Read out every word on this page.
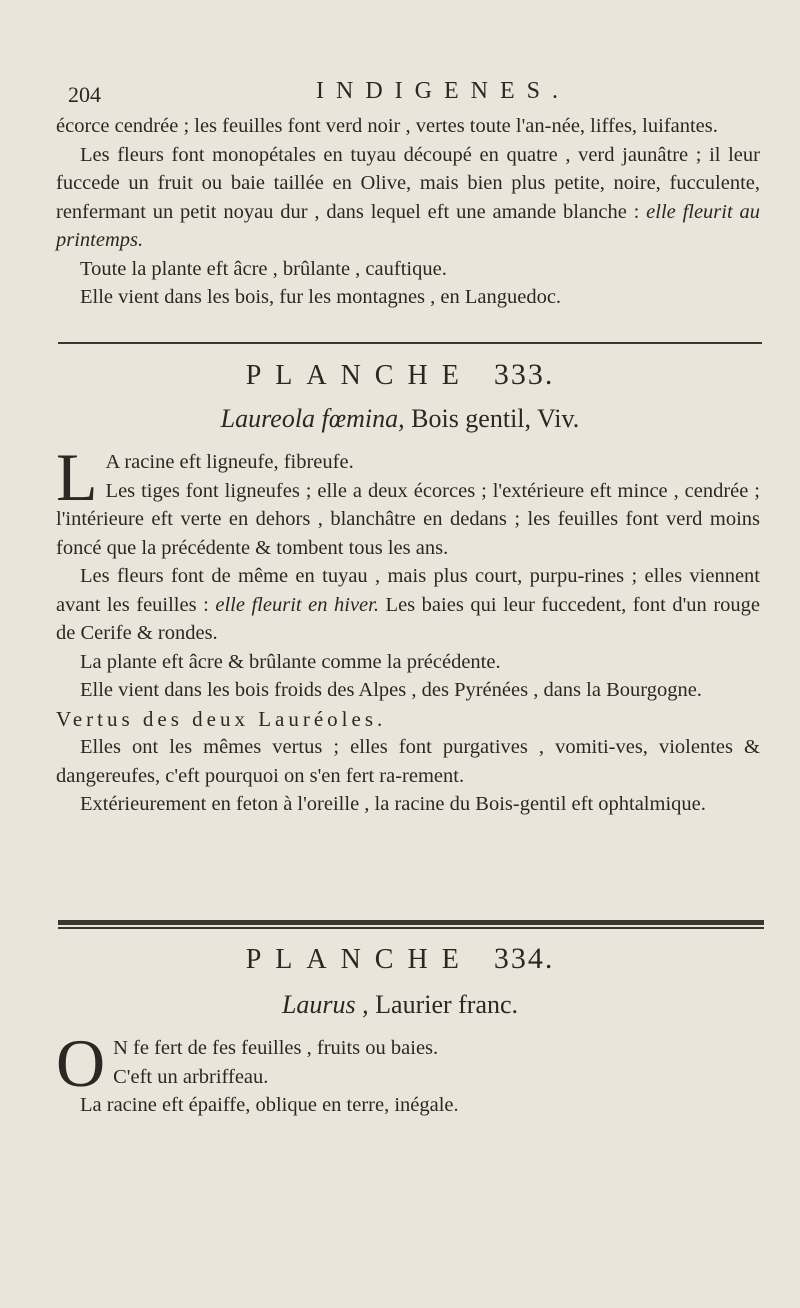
204	INDIGENES.

écorce cendrée ; les feuilles font verd noir , vertes toute l'an-née, liffes, luifantes.

Les fleurs font monopétales en tuyau découpé en quatre , verd jaunâtre ; il leur fuccede un fruit ou baie taillée en Olive, mais bien plus petite, noire, fucculente, renfermant un petit noyau dur , dans lequel eft une amande blanche : elle fleurit au printemps.

Toute la plante eft âcre , brûlante , cauftique.

Elle vient dans les bois, fur les montagnes , en Languedoc.

PLANCHE 333.
Laureola fœmina, Bois gentil, Viv.

L A racine eft ligneufe, fibreufe.

Les tiges font ligneufes ; elle a deux écorces ; l'extérieure eft mince , cendrée ; l'intérieure eft verte en dehors , blanchâtre en dedans ; les feuilles font verd moins foncé que la précédente & tombent tous les ans.

Les fleurs font de même en tuyau , mais plus court, purpu-rines ; elles viennent avant les feuilles : elle fleurit en hiver. Les baies qui leur fuccedent, font d'un rouge de Cerife & rondes.

La plante eft âcre & brûlante comme la précédente.

Elle vient dans les bois froids des Alpes , des Pyrénées , dans la Bourgogne.

Vertus des deux Lauréoles.

Elles ont les mêmes vertus ; elles font purgatives , vomiti-ves, violentes & dangereufes, c'eft pourquoi on s'en fert ra-rement.

Extérieurement en feton à l'oreille , la racine du Bois-gentil eft ophtalmique.

PLANCHE 334.
Laurus , Laurier franc.

O N fe fert de fes feuilles , fruits ou baies.

C'eft un arbriffeau.

La racine eft épaiffe, oblique en terre, inégale.
